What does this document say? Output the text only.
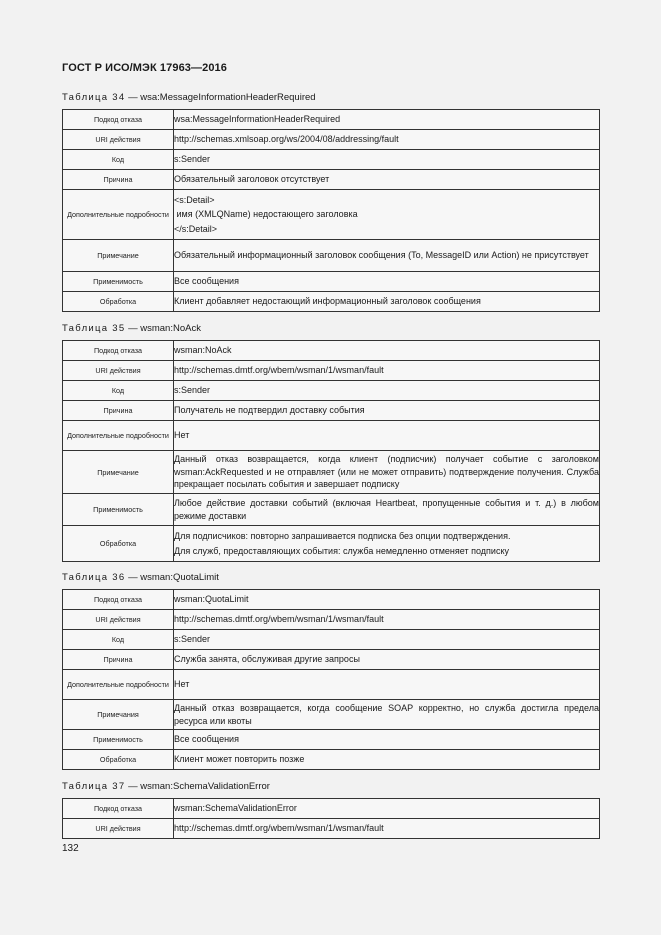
ГОСТ Р ИСО/МЭК 17963—2016
Таблица 34 — wsa:MessageInformationHeaderRequired
Подкод отказа	wsa:MessageInformationHeaderRequired

URI действия	http://schemas.xmlsoap.org/ws/2004/08/addressing/fault

Код	s:Sender

Причина	Обязательный заголовок отсутствует

Дополнительные подробности	<s:Detail>
имя (XMLQName) недостающего заголовка
</s:Detail>

Примечание	Обязательный информационный заголовок сообщения (To, MessageID или Action) не присутствует

Применимость	Все сообщения

Обработка	Клиент добавляет недостающий информационный заголовок сообщения
Таблица 35 — wsman:NoAck
Подкод отказа	wsman:NoAck

URI действия	http://schemas.dmtf.org/wbem/wsman/1/wsman/fault

Код	s:Sender

Причина	Получатель не подтвердил доставку события

Дополнительные подробности	Нет

Примечание	Данный отказ возвращается, когда клиент (подписчик) получает событие с заголовком wsman:AckRequested и не отправляет (или не может отправить) подтверждение получения. Служба прекращает посылать события и завершает подписку

Применимость	Любое действие доставки событий (включая Heartbeat, пропущенные события и т. д.) в любом режиме доставки

Обработка	Для подписчиков: повторно запрашивается подписка без опции подтверждения.
Для служб, предоставляющих события: служба немедленно отменяет подписку
Таблица 36 — wsman:QuotaLimit
Подкод отказа	wsman:QuotaLimit

URI действия	http://schemas.dmtf.org/wbem/wsman/1/wsman/fault

Код	s:Sender

Причина	Служба занята, обслуживая другие запросы

Дополнительные подробности	Нет

Примечания	Данный отказ возвращается, когда сообщение SOAP корректно, но служба достигла предела ресурса или квоты

Применимость	Все сообщения

Обработка	Клиент может повторить позже
Таблица 37 — wsman:SchemaValidationError
Подкод отказа	wsman:SchemaValidationError

URI действия	http://schemas.dmtf.org/wbem/wsman/1/wsman/fault
132
